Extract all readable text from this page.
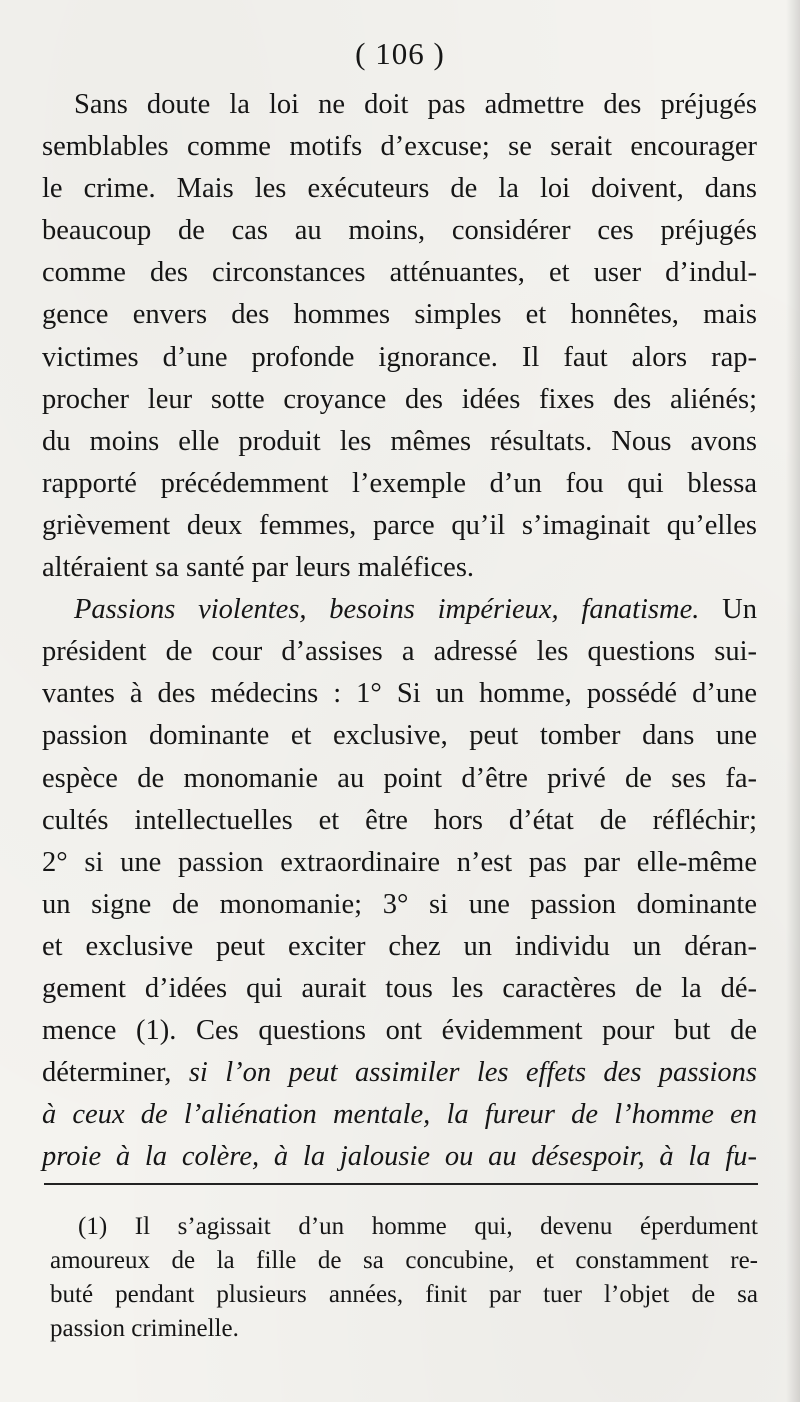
( 106 )
Sans doute la loi ne doit pas admettre des préjugés
semblables comme motifs d’excuse; se serait encourager
le crime. Mais les exécuteurs de la loi doivent, dans
beaucoup de cas au moins, considérer ces préjugés
comme des circonstances atténuantes, et user d’indul-
gence envers des hommes simples et honnêtes, mais
victimes d’une profonde ignorance. Il faut alors rap-
procher leur sotte croyance des idées fixes des aliénés;
du moins elle produit les mêmes résultats. Nous avons
rapporté précédemment l’exemple d’un fou qui blessa
grièvement deux femmes, parce qu’il s’imaginait qu’elles
altéraient sa santé par leurs maléfices.
Passions violentes, besoins impérieux, fanatisme. Un
président de cour d’assises a adressé les questions sui-
vantes à des médecins : 1° Si un homme, possédé d’une
passion dominante et exclusive, peut tomber dans une
espèce de monomanie au point d’être privé de ses fa-
cultés intellectuelles et être hors d’état de réfléchir;
2° si une passion extraordinaire n’est pas par elle-même
un signe de monomanie; 3° si une passion dominante
et exclusive peut exciter chez un individu un déran-
gement d’idées qui aurait tous les caractères de la dé-
mence (1). Ces questions ont évidemment pour but de
déterminer, si l’on peut assimiler les effets des passions
à ceux de l’aliénation mentale, la fureur de l’homme en
proie à la colère, à la jalousie ou au désespoir, à la fu-
(1) Il s’agissait d’un homme qui, devenu éperdument
amoureux de la fille de sa concubine, et constamment re-
buté pendant plusieurs années, finit par tuer l’objet de sa
passion criminelle.
